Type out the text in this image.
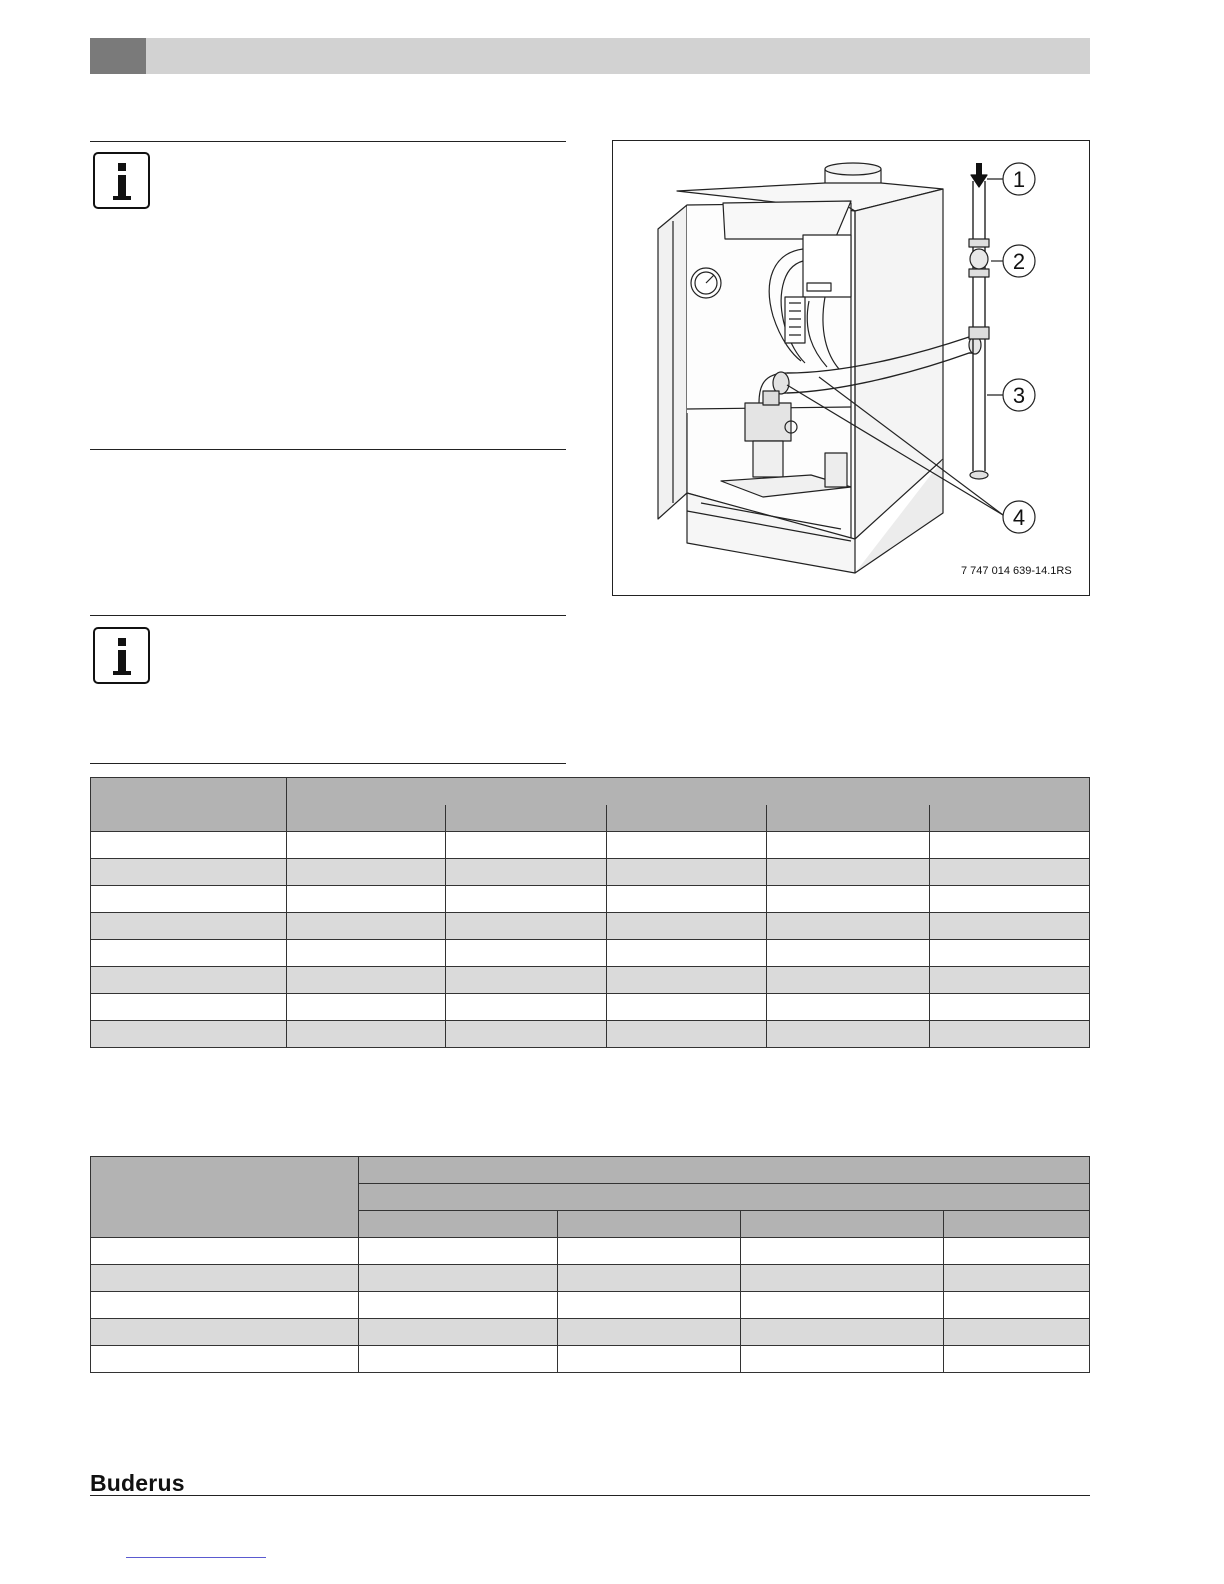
1
2
3
4
7 747 014 639-14.1RS

Buderus
